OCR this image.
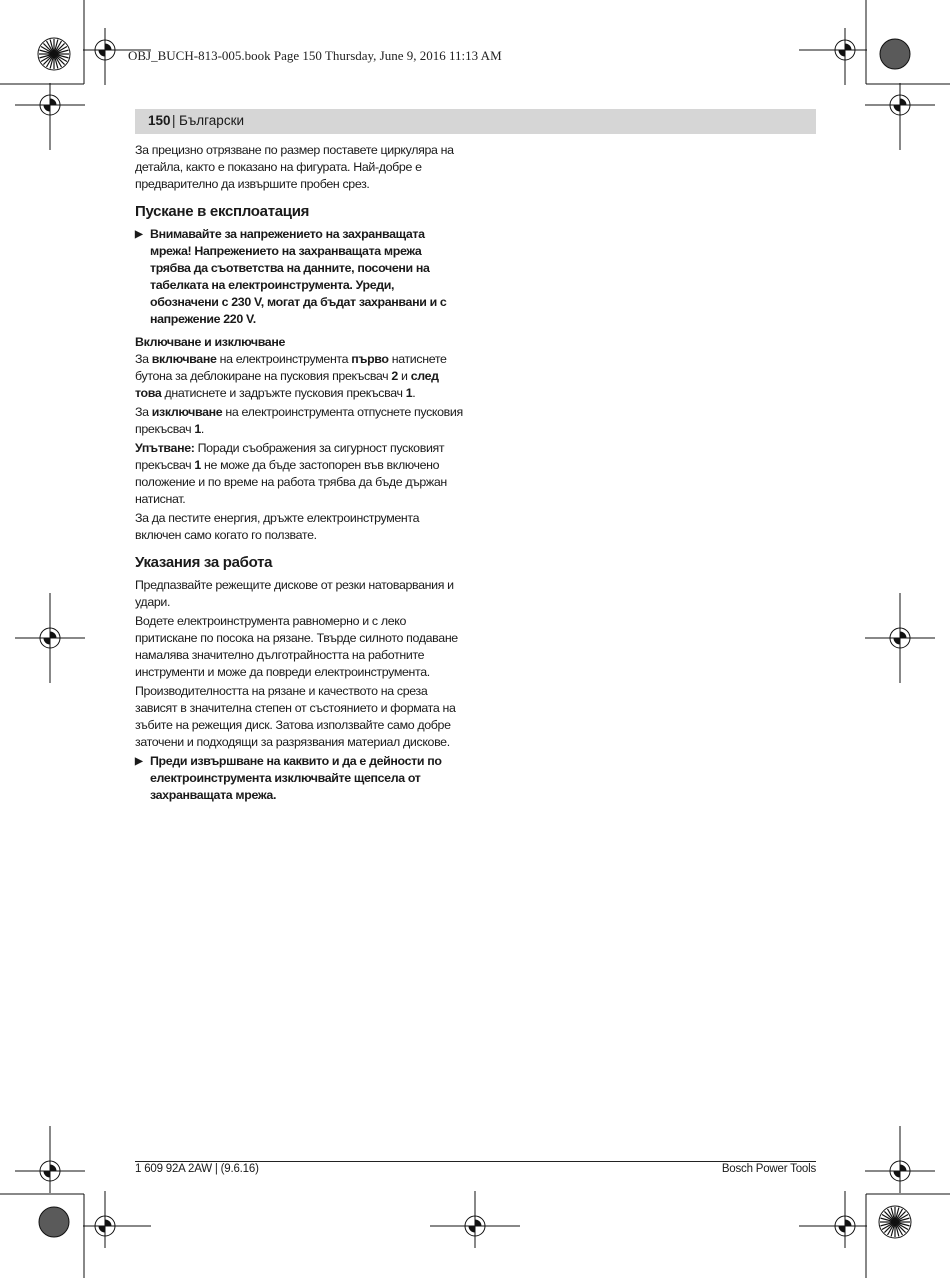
OBJ_BUCH-813-005.book Page 150 Thursday, June 9, 2016 11:13 AM
150 | Български

За прецизно отрязване по размер поставете циркуляра на детайла, както е показано на фигурата. Най-добре е предварително да извършите пробен срез.

Пускане в експлоатация
▶ Внимавайте за напрежението на захранващата мрежа! Напрежението на захранващата мрежа трябва да съответства на данните, посочени на табелката на електроинструмента. Уреди, обозначени с 230 V, могат да бъдат захранвани и с напрежение 220 V.
Включване и изключване

За включване на електроинструмента първо натиснете бутона за деблокиране на пусковия прекъсвач 2 и след това днатиснете и задръжте пусковия прекъсвач 1.

За изключване на електроинструмента отпуснете пусковия прекъсвач 1.

Упътване: Поради съображения за сигурност пусковият прекъсвач 1 не може да бъде застопорен във включено положение и по време на работа трябва да бъде държан натиснат.

За да пестите енергия, дръжте електроинструмента включен само когато го ползвате.

Указания за работа

Предпазвайте режещите дискове от резки натоварвания и удари.

Водете електроинструмента равномерно и с леко притискане по посока на рязане. Твърде силното подаване намалява значително дълготрайността на работните инструменти и може да повреди електроинструмента.

Производителността на рязане и качеството на среза зависят в значителна степен от състоянието и формата на зъбите на режещия диск. Затова използвайте само добре заточени и подходящи за разрязвания материал дискове.

▶ Преди извършване на каквито и да е дейности по електроинструмента изключвайте щепсела от захранващата мрежа.
1 609 92A 2AW | (9.6.16)	Bosch Power Tools
